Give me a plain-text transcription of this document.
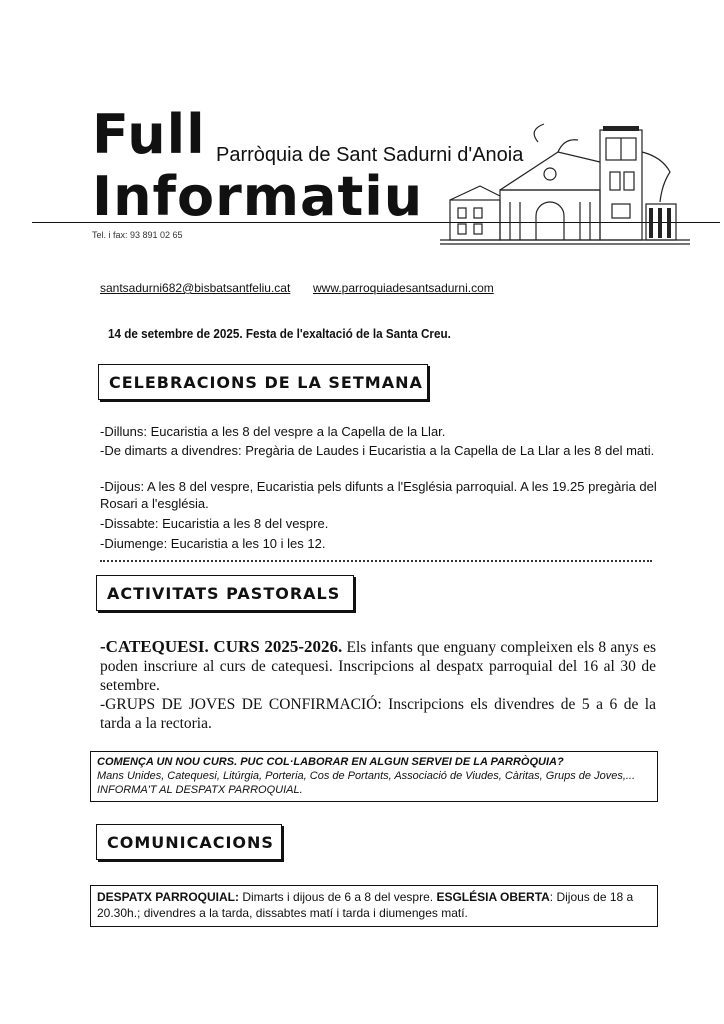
Full
Informatiu
Parròquia de Sant Sadurni d'Anoia
Tel. i fax: 93 891 02 65
santsadurni682@bisbatsantfeliu.cat www.parroquiadesantsadurni.com
14 de setembre de 2025. Festa de l'exaltació de la Santa Creu.
CELEBRACIONS DE LA SETMANA
-Dilluns: Eucaristia a les 8 del vespre a la Capella de la Llar.
-De dimarts a divendres: Pregària de Laudes i Eucaristia a la Capella de La Llar a les 8 del mati.
-Dijous: A les 8 del vespre, Eucaristia pels difunts a l'Església parroquial. A les 19.25 pregària del Rosari a l'església.
-Dissabte: Eucaristia a les 8 del vespre.
-Diumenge: Eucaristia a les 10 i les 12.
ACTIVITATS PASTORALS
-CATEQUESI. CURS 2025-2026. Els infants que enguany compleixen els 8 anys es poden inscriure al curs de catequesi. Inscripcions al despatx parroquial del 16 al 30 de setembre.
-GRUPS DE JOVES DE CONFIRMACIÓ: Inscripcions els divendres de 5 a 6 de la tarda a la rectoria.
COMENÇA UN NOU CURS. PUC COL·LABORAR EN ALGUN SERVEI DE LA PARRÒQUIA?
Mans Unides, Catequesi, Litúrgia, Porteria, Cos de Portants, Associació de Viudes, Càritas, Grups de Joves,... INFORMA'T AL DESPATX PARROQUIAL.
COMUNICACIONS
DESPATX PARROQUIAL: Dimarts i dijous de 6 a 8 del vespre. ESGLÉSIA OBERTA: Dijous de 18 a 20.30h.; divendres a la tarda, dissabtes matí i tarda i diumenges matí.
